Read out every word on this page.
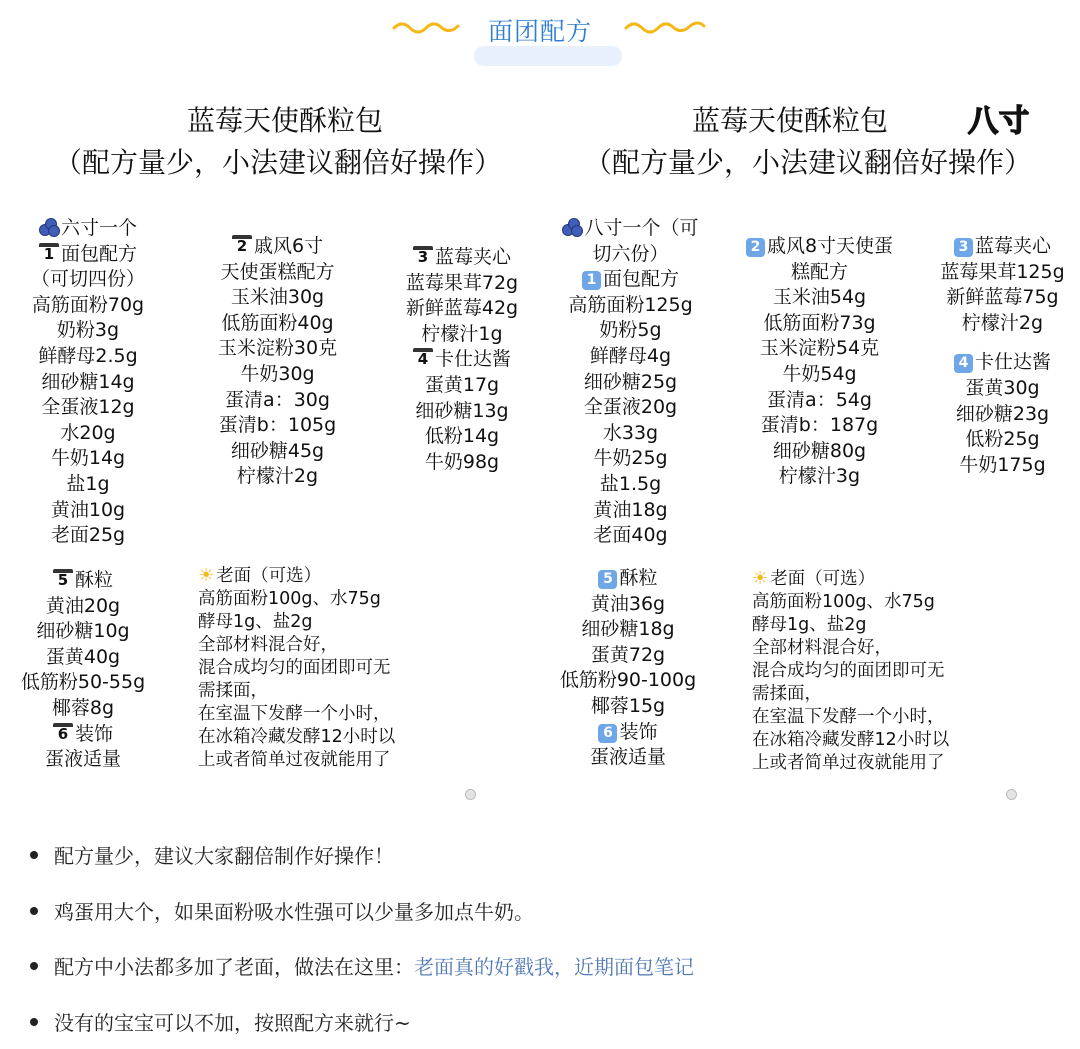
面团配方
蓝莓天使酥粒包
（配方量少，小法建议翻倍好操作）
六寸一个
1 面包配方
（可切四份）
高筋面粉70g
奶粉3g
鲜酵母2.5g
细砂糖14g
全蛋液12g
水20g
牛奶14g
盐1g
黄油10g
老面25g
2 戚风6寸
天使蛋糕配方
玉米油30g
低筋面粉40g
玉米淀粉30克
牛奶30g
蛋清a：30g
蛋清b：105g
细砂糖45g
柠檬汁2g
3 蓝莓夹心
蓝莓果茸72g
新鲜蓝莓42g
柠檬汁1g
4 卡仕达酱
蛋黄17g
细砂糖13g
低粉14g
牛奶98g
5 酥粒
黄油20g
细砂糖10g
蛋黄40g
低筋粉50-55g
椰蓉8g
6 装饰
蛋液适量
☀ 老面（可选）
高筋面粉100g、水75g
酵母1g、盐2g
全部材料混合好，
混合成均匀的面团即可无
需揉面，
在室温下发酵一个小时，
在冰箱冷藏发酵12小时以
上或者简单过夜就能用了
蓝莓天使酥粒包
（配方量少，小法建议翻倍好操作）
八寸
八寸一个（可
切六份）
1 面包配方
高筋面粉125g
奶粉5g
鲜酵母4g
细砂糖25g
全蛋液20g
水33g
牛奶25g
盐1.5g
黄油18g
老面40g
2 戚风8寸天使蛋
糕配方
玉米油54g
低筋面粉73g
玉米淀粉54克
牛奶54g
蛋清a：54g
蛋清b：187g
细砂糖80g
柠檬汁3g
3 蓝莓夹心
蓝莓果茸125g
新鲜蓝莓75g
柠檬汁2g
4 卡仕达酱
蛋黄30g
细砂糖23g
低粉25g
牛奶175g
5 酥粒
黄油36g
细砂糖18g
蛋黄72g
低筋粉90-100g
椰蓉15g
6 装饰
蛋液适量
☀ 老面（可选）
高筋面粉100g、水75g
酵母1g、盐2g
全部材料混合好，
混合成均匀的面团即可无
需揉面，
在室温下发酵一个小时，
在冰箱冷藏发酵12小时以
上或者简单过夜就能用了
配方量少，建议大家翻倍制作好操作！
鸡蛋用大个，如果面粉吸水性强可以少量多加点牛奶。
配方中小法都多加了老面，做法在这里：老面真的好戳我，近期面包笔记
没有的宝宝可以不加，按照配方来就行~
